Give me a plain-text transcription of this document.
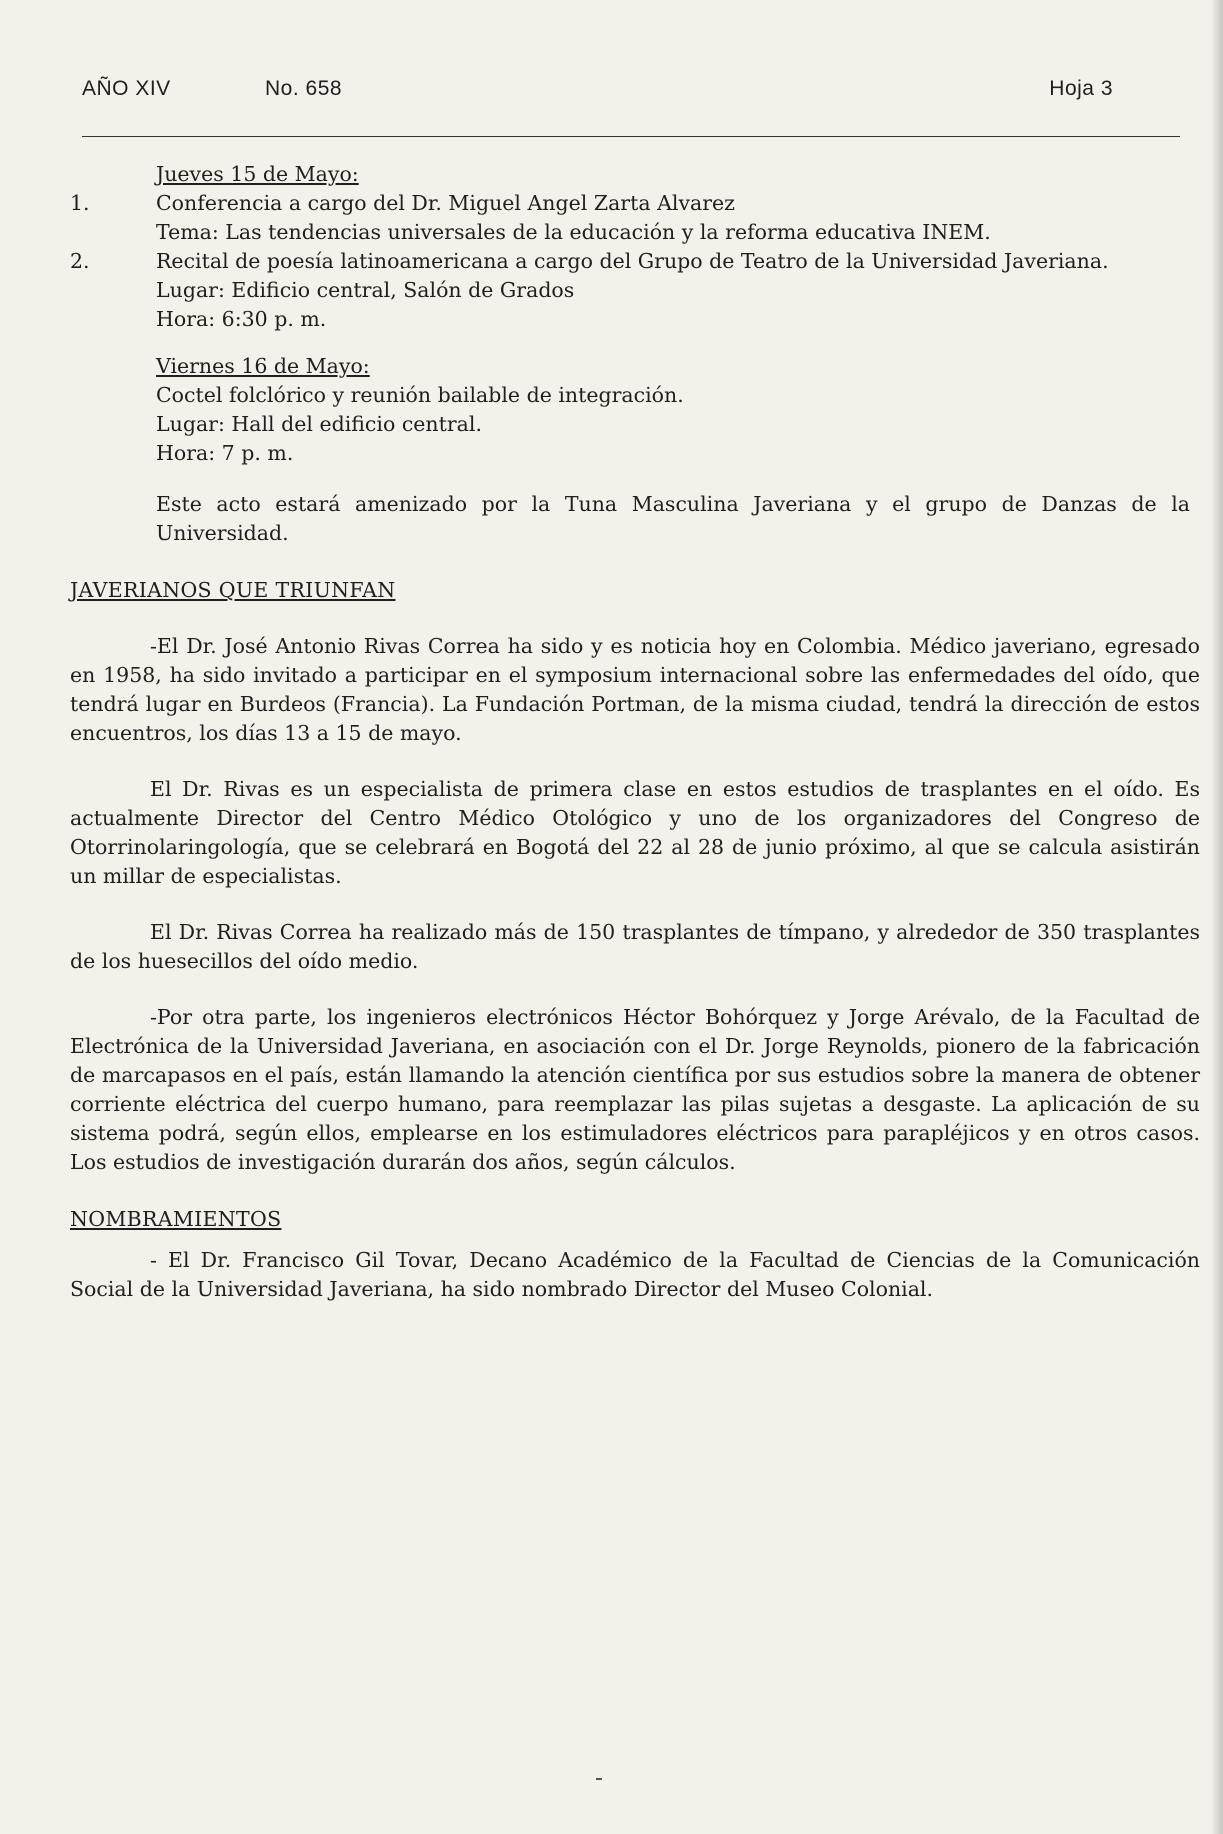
AÑO XIV	No. 658	Hoja 3

Jueves 15 de Mayo:

1.	Conferencia a cargo del Dr. Miguel Angel Zarta Alvarez

Tema: Las tendencias universales de la educación y la reforma educativa INEM.

2.	Recital de poesía latinoamericana a cargo del Grupo de Teatro de la Universidad Javeriana.

Lugar: Edificio central, Salón de Grados

Hora: 6:30 p. m.

Viernes 16 de Mayo:

Coctel folclórico y reunión bailable de integración.

Lugar: Hall del edificio central.

Hora: 7 p. m.

Este acto estará amenizado por la Tuna Masculina Javeriana y el grupo de Danzas de la Universidad.

JAVERIANOS QUE TRIUNFAN

-El Dr. José Antonio Rivas Correa ha sido y es noticia hoy en Colombia. Médico javeriano, egresado en 1958, ha sido invitado a participar en el symposium internacional sobre las enfermedades del oído, que tendrá lugar en Burdeos (Francia). La Fundación Portman, de la misma ciudad, tendrá la dirección de estos encuentros, los días 13 a 15 de mayo.

El Dr. Rivas es un especialista de primera clase en estos estudios de trasplantes en el oído. Es actualmente Director del Centro Médico Otológico y uno de los organizadores del Congreso de Otorrinolaringología, que se celebrará en Bogotá del 22 al 28 de junio próximo, al que se calcula asistirán un millar de especialistas.

El Dr. Rivas Correa ha realizado más de 150 trasplantes de tímpano, y alrededor de 350 trasplantes de los huesecillos del oído medio.

-Por otra parte, los ingenieros electrónicos Héctor Bohórquez y Jorge Arévalo, de la Facultad de Electrónica de la Universidad Javeriana, en asociación con el Dr. Jorge Reynolds, pionero de la fabricación de marcapasos en el país, están llamando la atención científica por sus estudios sobre la manera de obtener corriente eléctrica del cuerpo humano, para reemplazar las pilas sujetas a desgaste. La aplicación de su sistema podrá, según ellos, emplearse en los estimuladores eléctricos para parapléjicos y en otros casos. Los estudios de investigación durarán dos años, según cálculos.

NOMBRAMIENTOS

- El Dr. Francisco Gil Tovar, Decano Académico de la Facultad de Ciencias de la Comunicación Social de la Universidad Javeriana, ha sido nombrado Director del Museo Colonial.
